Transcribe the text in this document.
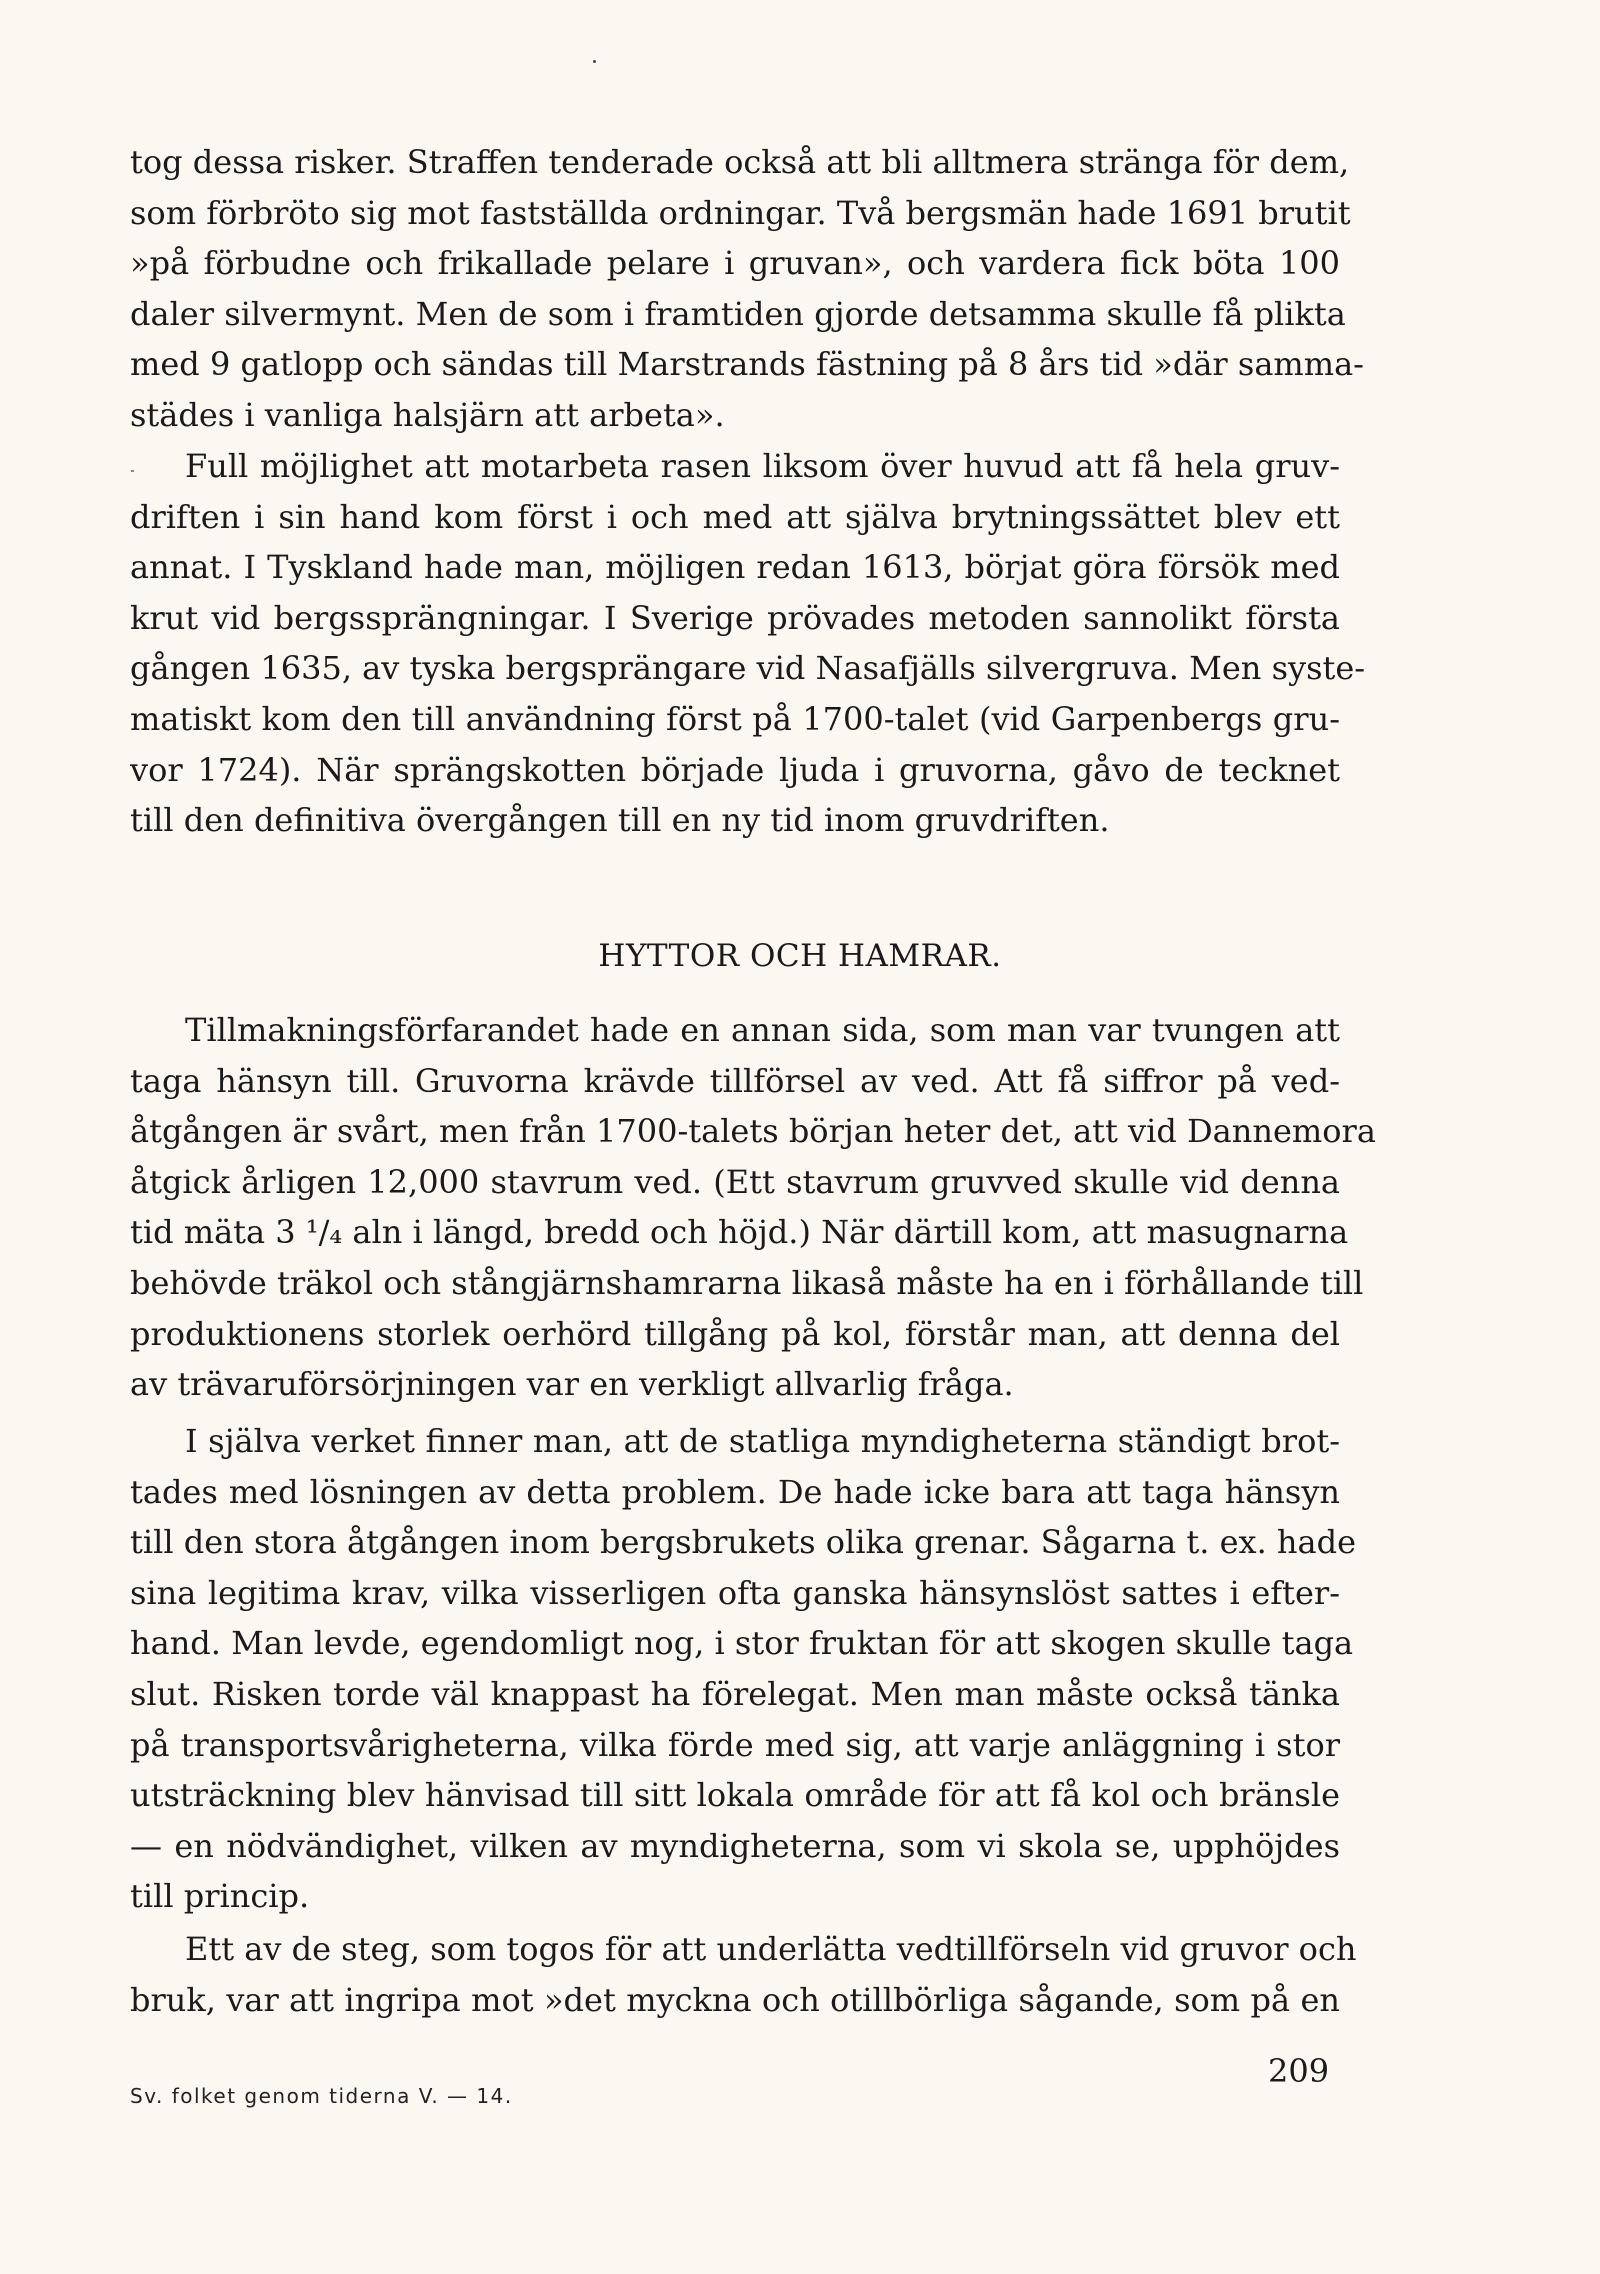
tog dessa risker. Straffen tenderade också att bli alltmera stränga för dem,
som förbröto sig mot fastställda ordningar. Två bergsmän hade 1691 brutit
»på förbudne och frikallade pelare i gruvan», och vardera fick böta 100
daler silvermynt. Men de som i framtiden gjorde detsamma skulle få plikta
med 9 gatlopp och sändas till Marstrands fästning på 8 års tid »där samma-
städes i vanliga halsjärn att arbeta».
Full möjlighet att motarbeta rasen liksom över huvud att få hela gruv-
driften i sin hand kom först i och med att själva brytningssättet blev ett
annat. I Tyskland hade man, möjligen redan 1613, börjat göra försök med
krut vid bergssprängningar. I Sverige prövades metoden sannolikt första
gången 1635, av tyska bergsprängare vid Nasafjälls silvergruva. Men syste-
matiskt kom den till användning först på 1700-talet (vid Garpenbergs gru-
vor 1724). När sprängskotten började ljuda i gruvorna, gåvo de tecknet
till den definitiva övergången till en ny tid inom gruvdriften.
HYTTOR OCH HAMRAR.
Tillmakningsförfarandet hade en annan sida, som man var tvungen att
taga hänsyn till. Gruvorna krävde tillförsel av ved. Att få siffror på ved-
åtgången är svårt, men från 1700-talets början heter det, att vid Dannemora
åtgick årligen 12,000 stavrum ved. (Ett stavrum gruvved skulle vid denna
tid mäta 3 ¹/₄ aln i längd, bredd och höjd.) När därtill kom, att masugnarna
behövde träkol och stångjärnshamrarna likaså måste ha en i förhållande till
produktionens storlek oerhörd tillgång på kol, förstår man, att denna del
av trävaruförsörjningen var en verkligt allvarlig fråga.
I själva verket finner man, att de statliga myndigheterna ständigt brot-
tades med lösningen av detta problem. De hade icke bara att taga hänsyn
till den stora åtgången inom bergsbrukets olika grenar. Sågarna t. ex. hade
sina legitima krav, vilka visserligen ofta ganska hänsynslöst sattes i efter-
hand. Man levde, egendomligt nog, i stor fruktan för att skogen skulle taga
slut. Risken torde väl knappast ha förelegat. Men man måste också tänka
på transportsvårigheterna, vilka förde med sig, att varje anläggning i stor
utsträckning blev hänvisad till sitt lokala område för att få kol och bränsle
— en nödvändighet, vilken av myndigheterna, som vi skola se, upphöjdes
till princip.
Ett av de steg, som togos för att underlätta vedtillförseln vid gruvor och
bruk, var att ingripa mot »det myckna och otillbörliga sågande, som på en
209
Sv. folket genom tiderna V. — 14.
